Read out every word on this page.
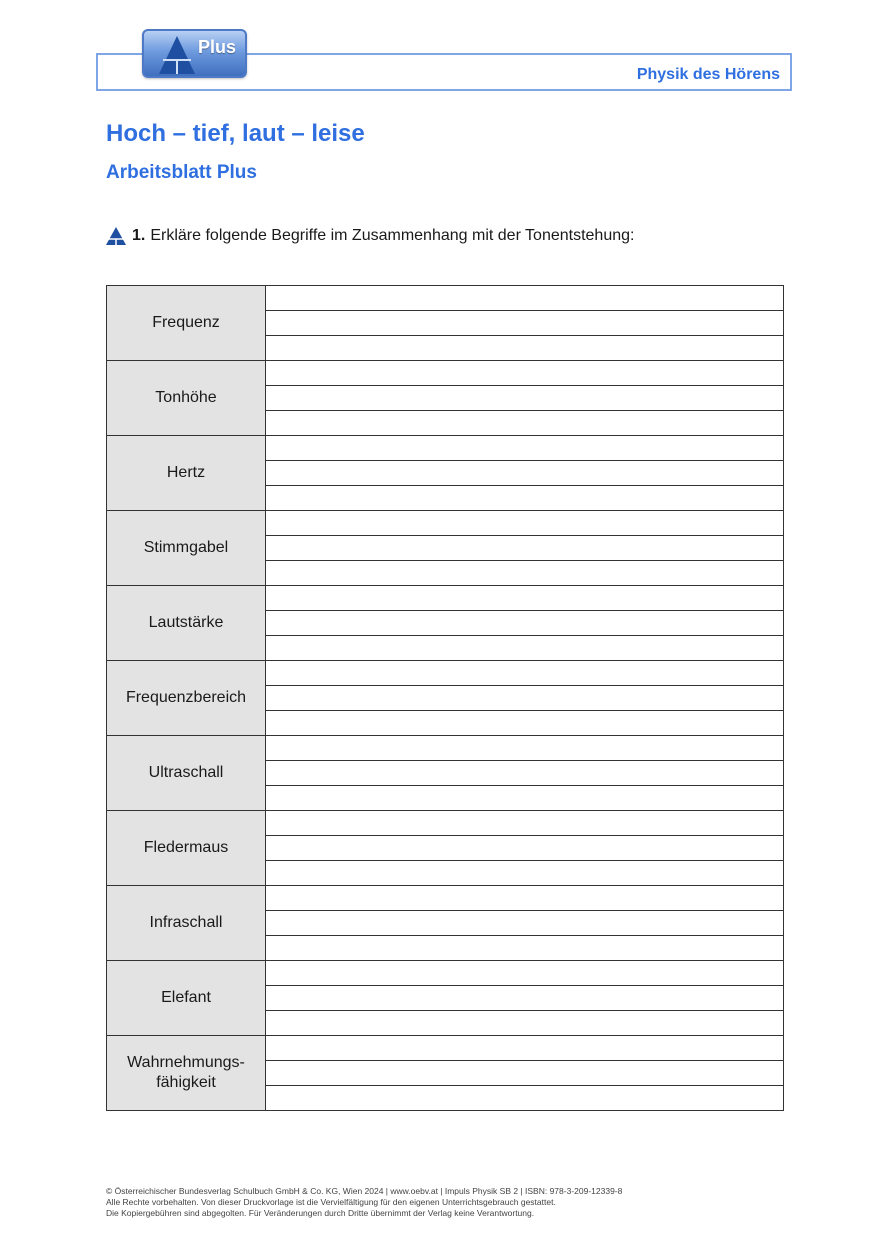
Physik des Hörens
Plus
Hoch – tief, laut – leise
Arbeitsblatt Plus
1. Erkläre folgende Begriffe im Zusammenhang mit der Tonentstehung:
Frequenz	

Tonhöhe	

Hertz	

Stimmgabel	

Lautstärke	

Frequenzbereich	

Ultraschall	

Fledermaus	

Infraschall	

Elefant	

Wahrnehmungs-
fähigkeit	

© Österreichischer Bundesverlag Schulbuch GmbH & Co. KG, Wien 2024 | www.oebv.at | Impuls Physik SB 2 | ISBN: 978-3-209-12339-8
Alle Rechte vorbehalten. Von dieser Druckvorlage ist die Vervielfältigung für den eigenen Unterrichtsgebrauch gestattet.
Die Kopiergebühren sind abgegolten. Für Veränderungen durch Dritte übernimmt der Verlag keine Verantwortung.
